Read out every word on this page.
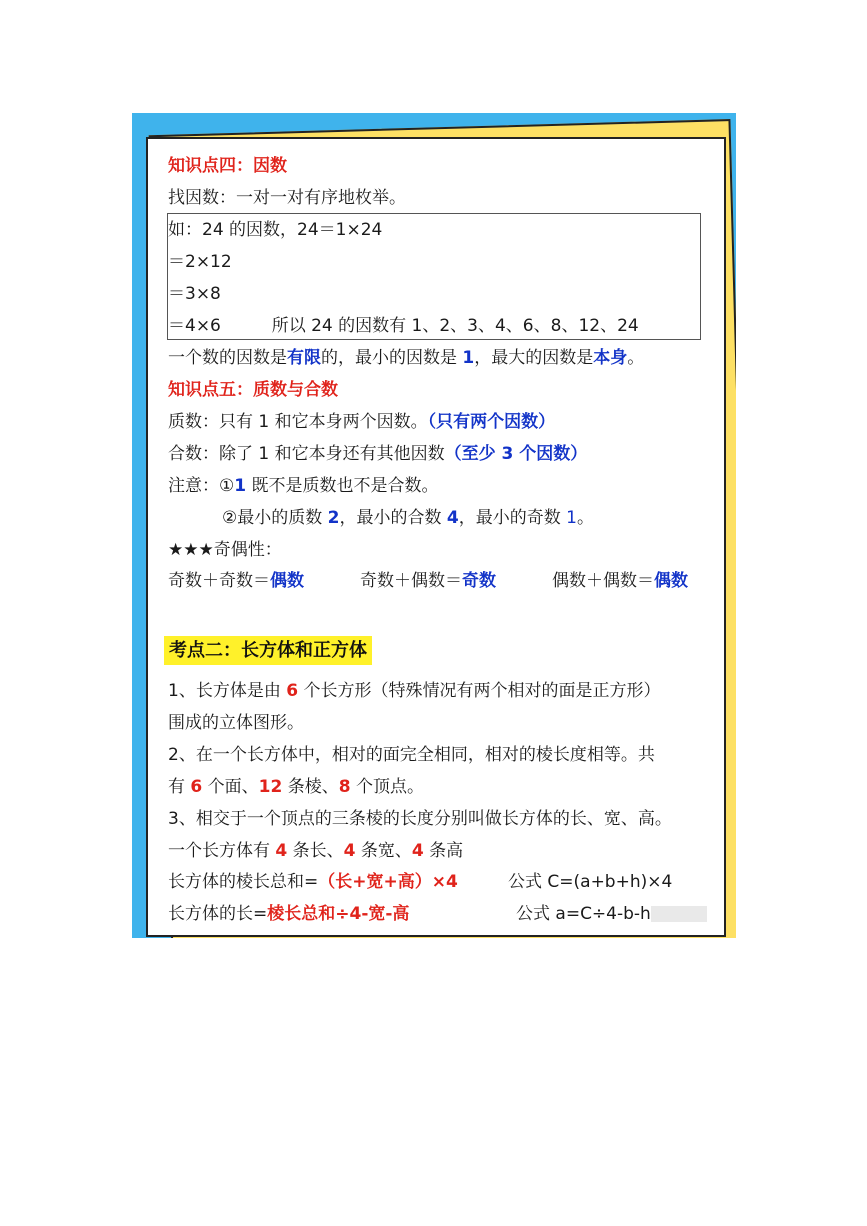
知识点四：因数
找因数：一对一对有序地枚举。
如：24 的因数，24＝1×24
＝2×12
＝3×8
＝4×6	所以 24 的因数有 1、2、3、4、6、8、12、24
一个数的因数是有限的，最小的因数是 1，最大的因数是本身。
知识点五：质数与合数
质数：只有 1 和它本身两个因数。（只有两个因数）
合数：除了 1 和它本身还有其他因数（至少 3 个因数）
注意：①1 既不是质数也不是合数。
②最小的质数 2，最小的合数 4，最小的奇数 1。
★★★奇偶性：
奇数＋奇数＝偶数	奇数＋偶数＝奇数	偶数＋偶数＝偶数
考点二：长方体和正方体
1、长方体是由 6 个长方形（特殊情况有两个相对的面是正方形）
围成的立体图形。
2、在一个长方体中，相对的面完全相同，相对的棱长度相等。共
有 6 个面、12 条棱、8 个顶点。
3、相交于一个顶点的三条棱的长度分别叫做长方体的长、宽、高。
一个长方体有 4 条长、4 条宽、4 条高
长方体的棱长总和=（长+宽+高）×4	公式 C=(a+b+h)×4
长方体的长=棱长总和÷4-宽-高	公式 a=C÷4-b-h
